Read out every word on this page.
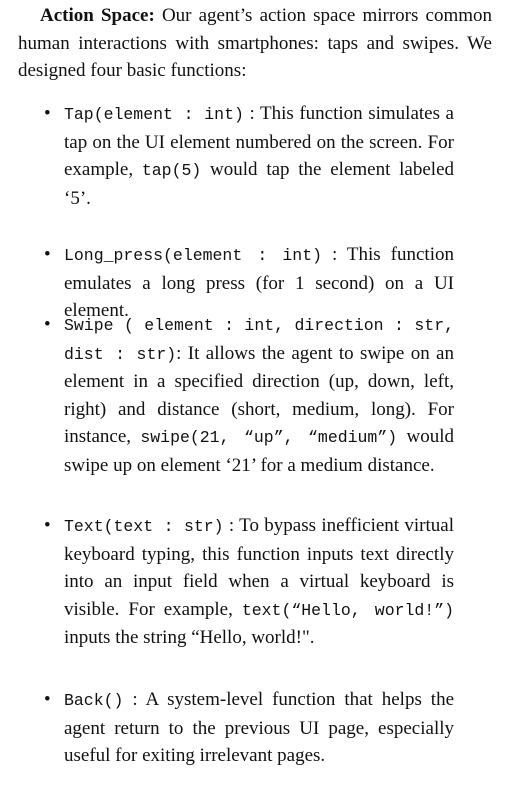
Action Space: Our agent’s action space mirrors common human interactions with smartphones: taps and swipes. We designed four basic functions:

• Tap(element : int) : This function simulates a tap on the UI element numbered on the screen. For example, tap(5) would tap the element labeled ‘5’.
• Long_press(element : int) : This function emulates a long press (for 1 second) on a UI element.
• Swipe ( element : int, direction : str, dist : str): It allows the agent to swipe on an element in a specified direction (up, down, left, right) and distance (short, medium, long). For instance, swipe(21, “up”, “medium”) would swipe up on element ‘21’ for a medium distance.
• Text(text : str) : To bypass inefficient virtual keyboard typing, this function inputs text directly into an input field when a virtual keyboard is visible. For example, text(“Hello, world!”) inputs the string “Hello, world!".
• Back() : A system-level function that helps the agent return to the previous UI page, especially useful for exiting irrelevant pages.
